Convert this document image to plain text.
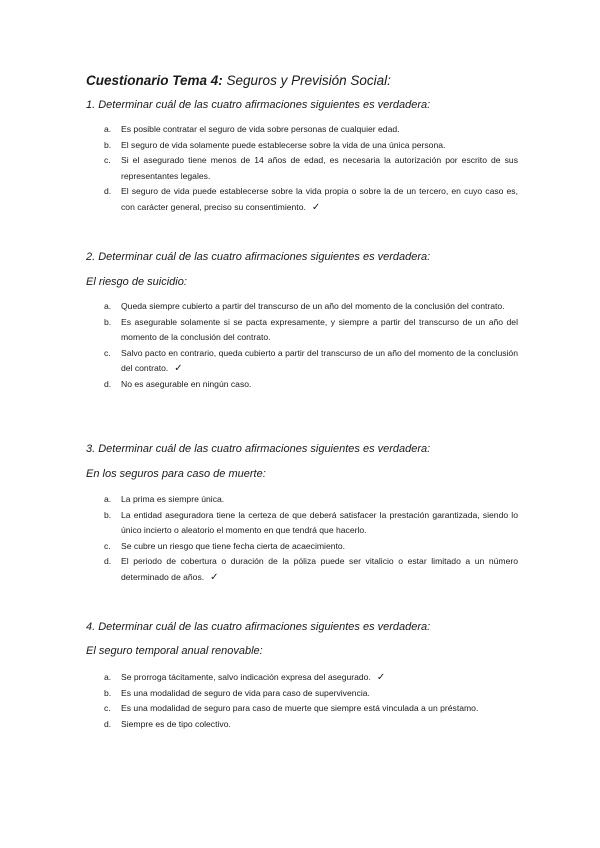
Cuestionario Tema 4: Seguros y Previsión Social:
1. Determinar cuál de las cuatro afirmaciones siguientes es verdadera:
a. Es posible contratar el seguro de vida sobre personas de cualquier edad.
b. El seguro de vida solamente puede establecerse sobre la vida de una única persona.
c. Si el asegurado tiene menos de 14 años de edad, es necesaria la autorización por escrito de sus representantes legales.
d. El seguro de vida puede establecerse sobre la vida propia o sobre la de un tercero, en cuyo caso es, con carácter general, preciso su consentimiento. ✓
2. Determinar cuál de las cuatro afirmaciones siguientes es verdadera:
El riesgo de suicidio:
a. Queda siempre cubierto a partir del transcurso de un año del momento de la conclusión del contrato.
b. Es asegurable solamente si se pacta expresamente, y siempre a partir del transcurso de un año del momento de la conclusión del contrato.
c. Salvo pacto en contrario, queda cubierto a partir del transcurso de un año del momento de la conclusión del contrato. ✓
d. No es asegurable en ningún caso.
3. Determinar cuál de las cuatro afirmaciones siguientes es verdadera:
En los seguros para caso de muerte:
a. La prima es siempre única.
b. La entidad aseguradora tiene la certeza de que deberá satisfacer la prestación garantizada, siendo lo único incierto o aleatorio el momento en que tendrá que hacerlo.
c. Se cubre un riesgo que tiene fecha cierta de acaecimiento.
d. El periodo de cobertura o duración de la póliza puede ser vitalicio o estar limitado a un número determinado de años. ✓
4. Determinar cuál de las cuatro afirmaciones siguientes es verdadera:
El seguro temporal anual renovable:
a. Se prorroga tácitamente, salvo indicación expresa del asegurado. ✓
b. Es una modalidad de seguro de vida para caso de supervivencia.
c. Es una modalidad de seguro para caso de muerte que siempre está vinculada a un préstamo.
d. Siempre es de tipo colectivo.
